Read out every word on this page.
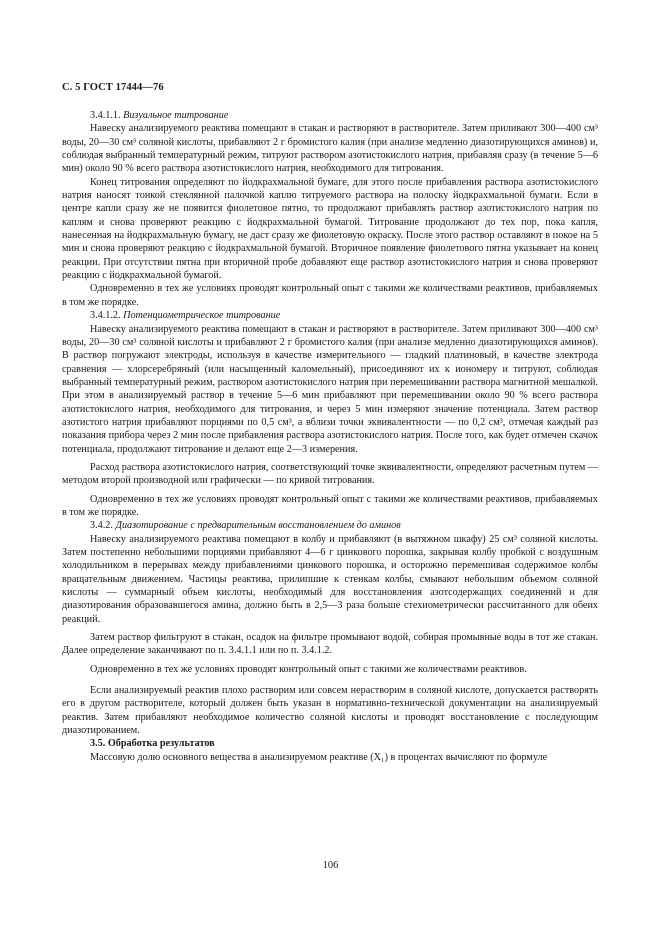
С. 5 ГОСТ 17444—76

3.4.1.1. Визуальное титрование

Навеску анализируемого реактива помещают в стакан и растворяют в растворителе. Затем приливают 300—400 см³ воды, 20—30 см³ соляной кислоты, прибавляют 2 г бромистого калия (при анализе медленно диазотирующихся аминов) и, соблюдая выбранный температурный режим, титруют раствором азотистокислого натрия, прибавляя сразу (в течение 5—6 мин) около 90 % всего раствора азотистокислого натрия, необходимого для титрования.

Конец титрования определяют по йодкрахмальной бумаге, для этого после прибавления раствора азотистокислого натрия наносят тонкой стеклянной палочкой каплю титруемого раствора на полоску йодкрахмальной бумаги. Если в центре капли сразу же не появится фиолетовое пятно, то продолжают прибавлять раствор азотистокислого натрия по каплям и снова проверяют реакцию с йодкрахмальной бумагой. Титрование продолжают до тех пор, пока капля, нанесенная на йодкрахмальную бумагу, не даст сразу же фиолетовую окраску. После этого раствор оставляют в покое на 5 мин и снова проверяют реакцию с йодкрахмальной бумагой. Вторичное появление фиолетового пятна указывает на конец реакции. При отсутствии пятна при вторичной пробе добавляют еще раствор азотистокислого натрия и снова проверяют реакцию с йодкрахмальной бумагой.

Одновременно в тех же условиях проводят контрольный опыт с такими же количествами реактивов, прибавляемых в том же порядке.

3.4.1.2. Потенциометрическое титрование

Навеску анализируемого реактива помещают в стакан и растворяют в растворителе. Затем приливают 300—400 см³ воды, 20—30 см³ соляной кислоты и прибавляют 2 г бромистого калия (при анализе медленно диазотирующихся аминов). В раствор погружают электроды, используя в качестве измерительного — гладкий платиновый, в качестве электрода сравнения — хлорсеребряный (или насыщенный каломельный), присоединяют их к иономеру и титруют, соблюдая выбранный температурный режим, раствором азотистокислого натрия при перемешивании раствора магнитной мешалкой. При этом в анализируемый раствор в течение 5—6 мин прибавляют при перемешивании около 90 % всего раствора азотистокислого натрия, необходимого для титрования, и через 5 мин измеряют значение потенциала. Затем раствор азотистого натрия прибавляют порциями по 0,5 см³, а вблизи точки эквивалентности — по 0,2 см³, отмечая каждый раз показания прибора через 2 мин после прибавления раствора азотистокислого натрия. После того, как будет отмечен скачок потенциала, продолжают титрование и делают еще 2—3 измерения.

Расход раствора азотистокислого натрия, соответствующий точке эквивалентности, определяют расчетным путем — методом второй производной или графически — по кривой титрования.

Одновременно в тех же условиях проводят контрольный опыт с такими же количествами реактивов, прибавляемых в том же порядке.

3.4.2. Диазотирование с предварительным восстановлением до аминов

Навеску анализируемого реактива помещают в колбу и прибавляют (в вытяжном шкафу) 25 см³ соляной кислоты. Затем постепенно небольшими порциями прибавляют 4—6 г цинкового порошка, закрывая колбу пробкой с воздушным холодильником в перерывах между прибавлениями цинкового порошка, и осторожно перемешивая содержимое колбы вращательным движением. Частицы реактива, прилипшие к стенкам колбы, смывают небольшим объемом соляной кислоты — суммарный объем кислоты, необходимый для восстановления азотсодержащих соединений и для диазотирования образовавшегося амина, должно быть в 2,5—3 раза больше стехиометрически рассчитанного для обеих реакций.

Затем раствор фильтруют в стакан, осадок на фильтре промывают водой, собирая промывные воды в тот же стакан. Далее определение заканчивают по п. 3.4.1.1 или по п. 3.4.1.2.

Одновременно в тех же условиях проводят контрольный опыт с такими же количествами реактивов.

Если анализируемый реактив плохо растворим или совсем нерастворим в соляной кислоте, допускается растворять его в другом растворителе, который должен быть указан в нормативно-технической документации на анализируемый реактив. Затем прибавляют необходимое количество соляной кислоты и проводят восстановление с последующим диазотированием.

3.5. Обработка результатов

Массовую долю основного вещества в анализируемом реактиве (X₁) в процентах вычисляют по формуле

106
